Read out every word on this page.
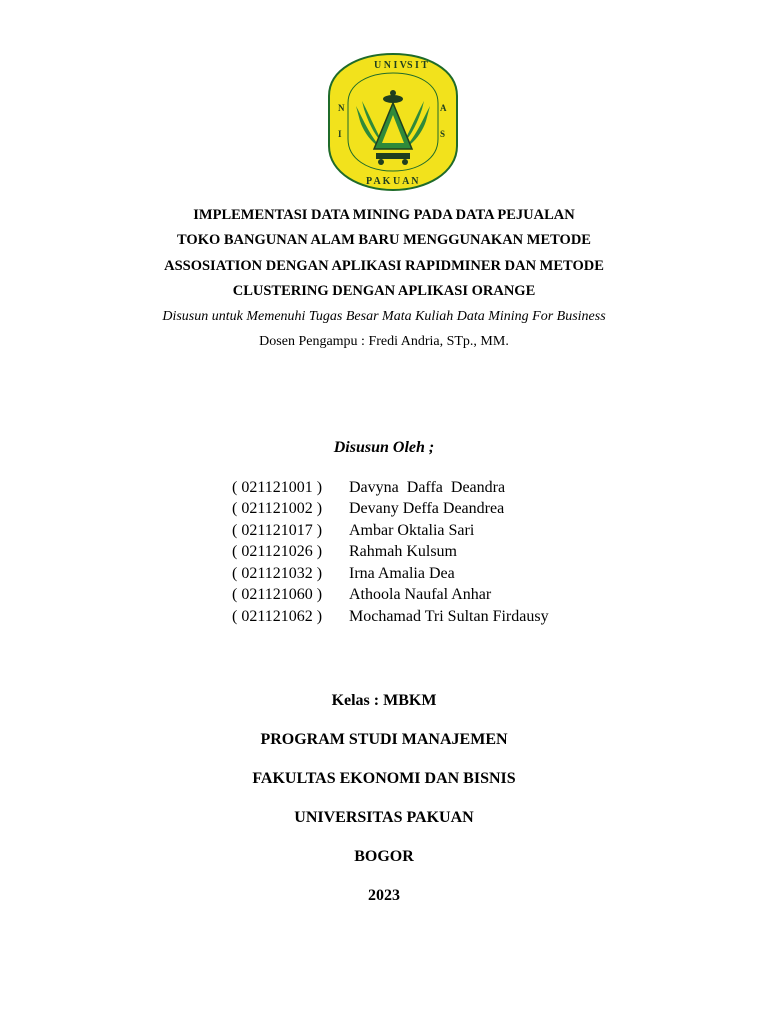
U N I V S I T
N	A
I	S
P A K U A N
IMPLEMENTASI DATA MINING PADA DATA PEJUALAN
TOKO BANGUNAN ALAM BARU MENGGUNAKAN METODE
ASSOSIATION DENGAN APLIKASI RAPIDMINER DAN METODE
CLUSTERING DENGAN APLIKASI ORANGE
Disusun untuk Memenuhi Tugas Besar Mata Kuliah Data Mining For Business
Dosen Pengampu : Fredi Andria, STp., MM.
Disusun Oleh ;
( 021121001 ) Davyna  Daffa  Deandra
( 021121002 ) Devany Deffa Deandrea
( 021121017 ) Ambar Oktalia Sari
( 021121026 ) Rahmah Kulsum
( 021121032 ) Irna Amalia Dea
( 021121060 ) Athoola Naufal Anhar
( 021121062 ) Mochamad Tri Sultan Firdausy
Kelas : MBKM
PROGRAM STUDI MANAJEMEN
FAKULTAS EKONOMI DAN BISNIS
UNIVERSITAS PAKUAN
BOGOR
2023
